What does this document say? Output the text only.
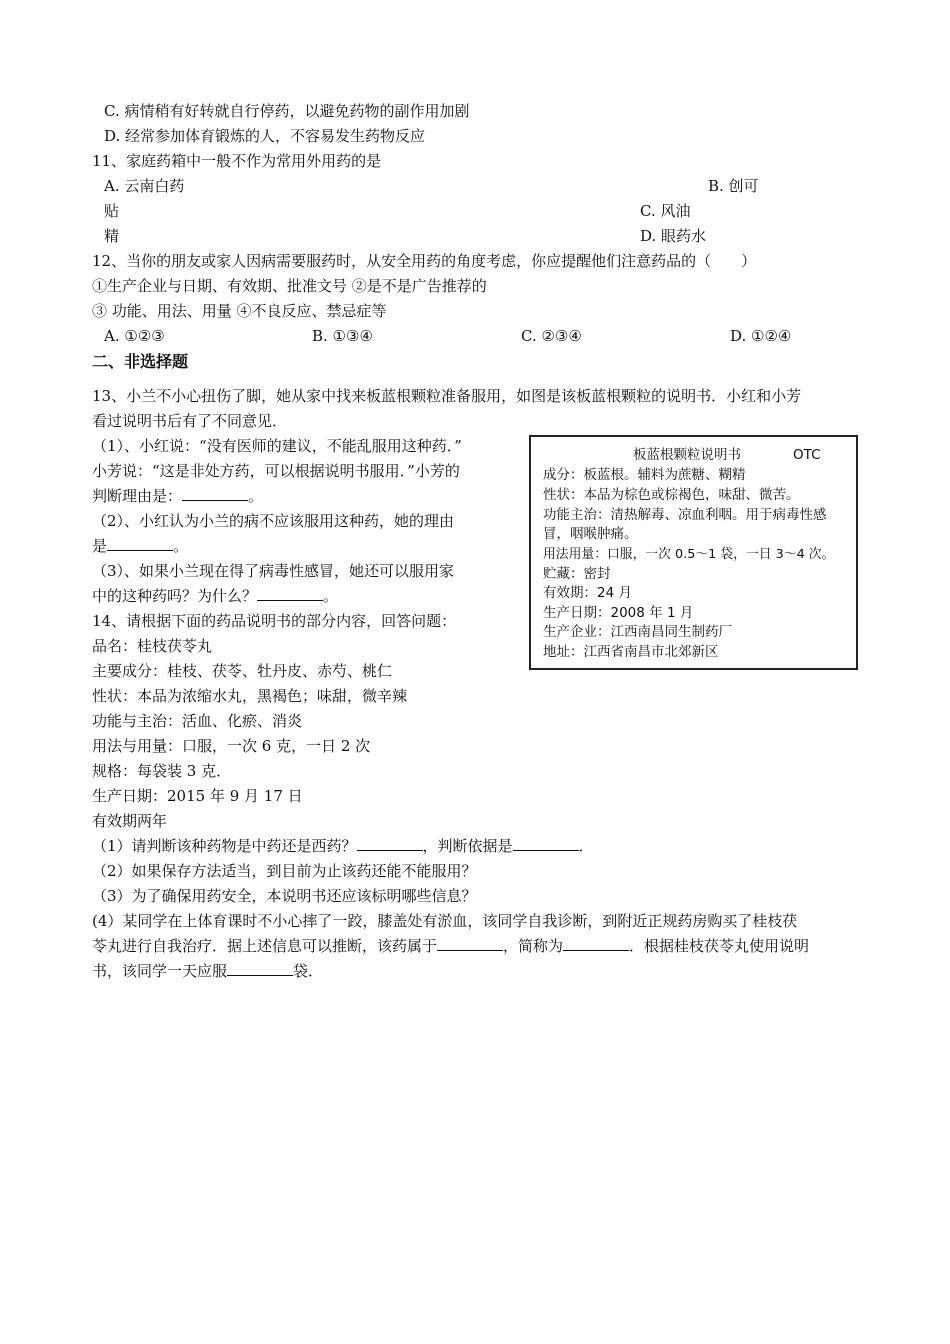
C. 病情稍有好转就自行停药，以避免药物的副作用加剧
D. 经常参加体育锻炼的人，不容易发生药物反应
11、家庭药箱中一般不作为常用外用药的是
A. 云南白药	B. 创可
贴	C. 风油
精	D. 眼药水
12、当你的朋友或家人因病需要服药时，从安全用药的角度考虑，你应提醒他们注意药品的（　　）
①生产企业与日期、有效期、批准文号 ②是不是广告推荐的
③ 功能、用法、用量 ④不良反应、禁忌症等
A. ①②③	B. ①③④	C. ②③④	D. ①②④
二、非选择题
13、小兰不小心扭伤了脚，她从家中找来板蓝根颗粒准备服用，如图是该板蓝根颗粒的说明书．小红和小芳
看过说明书后有了不同意见．
（1）、小红说：“没有医师的建议，不能乱服用这种药．”
小芳说：“这是非处方药，可以根据说明书服用．”小芳的
判断理由是：	。
（2）、小红认为小兰的病不应该服用这种药，她的理由
是	。
（3）、如果小兰现在得了病毒性感冒，她还可以服用家
中的这种药吗？为什么？	。
板蓝根颗粒说明书	OTC
成分：板蓝根。辅料为蔗糖、糊精
性状：本品为棕色或棕褐色，味甜、微苦。
功能主治：清热解毒、凉血利咽。用于病毒性感
冒，咽喉肿痛。
用法用量：口服，一次 0.5～1 袋，一日 3～4 次。
贮藏：密封
有效期：24 月
生产日期：2008 年 1 月
生产企业：江西南昌同生制药厂
地址：江西省南昌市北郊新区
14、请根据下面的药品说明书的部分内容，回答问题：
品名：桂枝茯苓丸
主要成分：桂枝、茯苓、牡丹皮、赤芍、桃仁
性状：本品为浓缩水丸，黑褐色；味甜，微辛辣
功能与主治：活血、化瘀、消炎
用法与用量：口服，一次 6 克，一日 2 次
规格：每袋装 3 克．
生产日期：2015 年 9 月 17 日
有效期两年
（1）请判断该种药物是中药还是西药？	，判断依据是	．
（2）如果保存方法适当，到目前为止该药还能不能服用？
（3）为了确保用药安全，本说明书还应该标明哪些信息？
(4）某同学在上体育课时不小心摔了一跤，膝盖处有淤血，该同学自我诊断，到附近正规药房购买了桂枝茯
苓丸进行自我治疗．据上述信息可以推断，该药属于	，简称为	．根据桂枝茯苓丸使用说明
书，该同学一天应服	袋．
